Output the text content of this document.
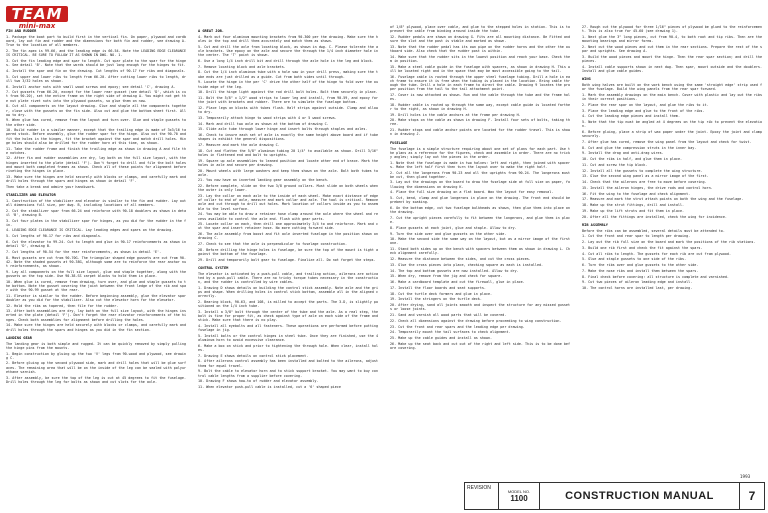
TEAM
mini-max
FIN AND RUDDER
1. Package the boat part to build first in the vertical fin. On paper, plywood and cardboard, lay out fin and rudder and the dimensions for both fin and rudder, see drawing A. True to the location of all members.
2. The fin apex is 99-66, and the leading edge is 66-54. Note the LEADING EDGE CLEARANCE IS CRITICAL. BE SURE TO FOLLOW IT AS SHOWN IN DWG. NO. 1.
3. Cut the fin leading edge and spar to length. Cut spar plate to the spar for the hinges. See detail 'B'. Note that the words should be just long enough for the hinges to fit.
4. Install the spar and fin on the drawing. Cut lengths of 90-17 for ribs and diagonals.
5. Cut upper and lower ribs to length from 66-20. After cutting lower ribs to length, drill two 3/32 holes as shown.
6. Install anchor nuts with small wood screws and epoxy; see detail 'C', drawing A.
7. Cut gussets from 66-20, except for the lower rear gusset (see detail 'D', which is cut from 90-20), set the entire frame on the right side of drawing A. You might not get the nut plate rivet nuts into the plywood gussets, so glue them on now.
8. Cut all components on the layout drawing. Glue and staple all the components together, close with the gussets on the fin side. Also cut and glue the bottom sheet first. Allow to dry.
9. When glue has cured, remove from the layout and turn over. Glue and staple gussets to the other side.
10. Build rudder in a similar manner, except that the trailing edge is made of 3x3/16 tapered stock. Before assembly, glue the rudder spar for the hinge. Also cut the 90-70 and fit the holes in the hinges, fit the bracket against the spar and match drill holes. Hinge holes should also be drilled for the rudder horn at this time, as shown.
11. Take the rudder frame and finish the trailing edge as shown in drawing A and file the notches.
12. After fin and rudder assemblies are dry, lay both on the full size layout, with the hinges inserted to the plate (detail 'F'). Don't forget to drill and file the bolt holes and mount both completed frames as shown. Check all of these points for alignment before riveting the hinges in place.
13. Make sure the hinges are held securely with blocks or clamps, and carefully mark and drill holes through the spars and hinges as shown in detail 'F'.
Then take a break and admire your handiwork.
STABILIZER AND ELEVATOR
1. Construction of the stabilizer and elevator is similar to the fin and rudder. Lay out all dimensions full size, per dwg. B, including locations of all members.
2. Cut the stabilizer spar from 66-24 and reinforce with 90-18 doublers as shown in detail 'B', drawing B.
3. Cut four plates in the stabilizer spar for hinges, as you did for the rudder in the fin.
4. LEADING EDGE CLEARANCE IS CRITICAL. Lay leading edges and spars on the drawing.
5. Cut lengths of 90-17 for ribs and diagonals.
6. Cut the elevator to 99-24. Cut to length and glue in 90-17 reinforcements as shown in detail 'D', drawing B.
7. Cut lengths of 90-54 for the rear reinforcements, as shown in detail 'E'.
8. Most gussets are cut from 90-70G. The triangular shaped edge gussets are cut from 90-42. Note the shaded gussets at 90-38G, although some are to reinforce the rear anchor nut reinforcements, as shown.
9. Lay all components on the full size layout, glue and staple together, along with the gussets on the top side. Use 90-38-SS carpet blocks to hold them in place.
10. When glue is cured, remove from drawing, turn over, and glue and staple gussets to the bottom. Note the gusset covering the joint between the front ledge of the rib and spar with the 90-99 gusset at the rear.
11. Elevator is similar to the rudder. Before beginning assembly, glue the elevator spar doubler as you did for the stabilizer. Also cut the elevator horn for the elevator.
12. Hold the ribs as tapered, then file for the rudder.
13. After both assemblies are dry, lay both on the full size layout, with the hinges inserted in the plate (detail 'F'). Don't forget the rear elevator reinforcements of the hinges. Check both assemblies for alignment before drilling the holes.
14. Make sure the hinges are held securely with blocks or clamps, and carefully mark and drill holes through the spars and hinges as you did in the fin section.
LANDING GEAR
The landing gear is both simple and rugged. It can be quickly removed by simply pulling the hinge pins from the mounts.
1. Begin construction by gluing up the two 'V' legs from 90-wood and plywood, see drawing C.
2. Before gluing up the second plywood side, mark and drill holes that will be glue surfaces. The remaining area that will be on the inside of the leg can be sealed with polyurethane varnish.
3. After assembly, be sure the top of the leg is cut at 45 degrees to fit the fuselage. Drill holes through the leg for bolts as shown and cut slots for the axle.
A GREAT JOB.
4. Mark out four aluminum mounting brackets from 90-300 per the drawing. Make sure the holes in the top and drill them accurately and match them as shown.
5. Cut and drill the axle from locating block, as shown in dwg. C. Please tolerate the axle brackets. Use epoxy on the axle and secure the through the 1/4 inch diameter hole in the center. The 'T' point is shown.
6. Use a long 1/4 inch drill bit and drill through the axle hole in the leg and block.
7. Remove locating block and axle brackets.
8. Cut the 1/4 inch aluminum tube with a hole saw in your drill press, making sure the tube ends are just drilled as a guide. Cut from both sides until through.
9. Locate the hinge in the per 'C' drive the other half of the hinge to fold over the outside edge of the leg.
10. Drill the hinge light against the rod drill bolt holes. Bolt them securely in place.
11. Bolt the 5/8" x 1/2" wood strips to lower leg and install, from 90-59, and epoxy for the joint with brackets and rubber. There are to simulate the fuselage bottom.
12. Place legs on blocks with tubes flush. Half strips against outside. Clamp and allow to dry.
13. Temporarily attach hinge to wood strips with 4 or 5 wood screws.
14. Mark and drill two axle as shown at the bottom of drawing C.
15. Slide axle tube through lower hinge and insert bolts through staples and axles.
16. Check to insure each set of axle is exactly the same height above board and if tube shapes is exhibit the general dispositions.
17. Measure and mark the axle drawing C.
18. Cut and flatten the 5/8" aluminum tubing 20 1/4" to available as shown. Drill 3/16" holes in flattened end and bolt to uprights.
19. Square up axle assemblies to leaned position and locate other end of brace. Mark the holes in axle and secure per drawing.
20. Mount wheels with large washers and keep them shown on the axle. Bolt both tubes to axle.
21. You now have an inverted landing gear assembly on the bench.
22. Before complete, slide on the two 3/8 ground collars. Must slide on both wheels when the outer is only lower.
23. Lay the collar on each axle to the inside of each wheel. Make exact distance of edge of collar to end of axle, measure and mark collar and axle. The tool is critical. Remove axle and cut through to drill out holes. Mark location of collars inside as you to assemble to the level surface.
24. You may be able to draw a retainer hose clamp around the axle where the wheel and recess available to control the axle end. Flush with gear parts.
25. Locate collar on each, then drill one approximately 3/4 to and reinforce. Mark and cut the spar and insert retainer hose. No more cutting forward side.
26. The axle assembly from boost and fit axle inverted fuselage in the position shown on drawing C.
27. Check to see that the axle is perpendicular to fuselage construction.
28. Before drilling the hinge holes in fuselage, be sure the top of the mount is tight against the bottom of the fuselage.
29. Drill and temporarily bolt gear to fuselage. Finalize all. Do not forget the steps.
CONTROL SYSTEM
The elevator is activated by a push-pull cable, and trailing action, ailerons are activated by a push-pull cable. There are no tricky torque tubes necessary in the construction, and the rudder is controlled by wire cables.
1. Drawing D shows details on building the control stick assembly. Note axle and the grips and shape. When drilling holes in control stick bottom, assemble all in the aligned correctly.
2. Bearing block, 90-63, and 108, is milled to accept the parts. The 3-D, is slightly positioned on the 1/4 inch tube.
3. Install a 3/8" bolt through the center of the tube and the axle. As a real step, the bolt is fine for proper fit, as check against type of axle on each side of the frame and stick. Make sure that there is no play.
4. Install all eyebolts and all fasteners. These operations are performed before putting fuselage in jig.
5. Install bolts or the control hinges in steel tube. Once they are finished, use the 4 aluminum horn to avoid excessive clearance.
6. Make a box on stick and prior to tightening the through hole. When clear, install holes.
7. Drawing E shows details on control stick placement.
8. After ailerons control assembly has been installed and bolted to the ailerons, adjust them for equal travel.
9. Bolt the cable to elevator horn and to stick support bracket. You may want to buy control cable lengths from a supplier before covering.
10. Drawing F shows how-to of rudder and elevator assembly.
11. When elevator push-pull cable is installed, cut a '6' shaped piece
of 1/8" plywood, place over cable, and glue to the stepped holes in station. This is to prevent the cable from binding around inside the tube.
12. Rudder pedals are shown on drawing G. Fits are all mounting distance. Be Fitted and sure the slot and the post is stable and marked as shown.
13. Note that the rudder pedal has its own pipe on the rudder horns and the other the outboard side. Also check that the rudder post is within.
14. Make sure that the rudder sits in the lowest position and reach your base. Check them in position.
15. Make a steel cable guide in the fuselage with spacers, as shown in drawing H. This will be located right and in the space that may be most accessible going to the tail.
16. Fuselage cable is routed through the upper steel fuselage tubing. Drill a hole in each frame to ensure it is free when the tubing is placed in the location. Bring cable through the tube. Drill a hole in each frame to direct the cable. Drawing 9 locates the proper position from the tail to the tail attachment point.
17. Cover is now attached as shown. Run and the cable through the tube and the frame holes.
18. Rudder cable is routed up through the same way, except cable guide is located farther to the right, as shown in drawing H.
19. Drill holes in the cable anchors at the frame per drawing H.
20. Make stops on the cable as shown in drawing F. Install four sets of bolts, taking three.
21. Rudder stops and cable anchor points are located for the rudder travel. This is shown in drawing J.
FUSELAGE
The fuselage is a simple structure requiring about one set of plans for each part. Use the plans as a reference for the figures, check and assemble in order. There are no tricky angles; simply lay out the pieces in the order.
1. Note that the fuselage is made in two halves: left and right, then joined with spacers. Make the left half first then turn the layout over to make the right half.
2. Cut all the longerons from 90-23 and all the uprights from 90-24. The longerons must be cut, then glued together.
3. Lay out the drawings on the board to draw the fuselage side at full size on paper, following the dimensions on drawing K.
4. Place the full size drawing on a flat board. Wax the layout for easy removal.
5. Cut, bend, clamp and glue longerons in place on the drawing. The front end should be prebent by soaking.
6. On the bottom edge, cut two fuselage bulkheads as shown, then glue them into place on the drawing.
7. Cut the upright pieces carefully to fit between the longerons, and glue them in place.
8. Place gussets at each joint, glue and staple. Allow to dry.
9. Turn the side over and glue gussets on the other side.
10. Make the second side the same way on the layout, but as a mirror image of the first one.
11. Stand both sides up on the bench with spacers between them as shown in drawing L. Check alignment carefully.
12. Measure the distance between the sides, and cut the cross pieces.
13. Glue the cross pieces into place, checking square as each is installed.
14. The top and bottom gussets are now installed. Allow to dry.
15. When dry, remove from the jig and check for square.
16. Make a cardboard template and cut the firewall, glue in place.
17. Install the floor boards and seat supports.
18. Cut the turtle deck formers and glue in place.
19. Install the stringers on the turtle deck.
20. After drying, sand all joints smooth and inspect the structure for any missed gussets or loose joints.
21. Sand and varnish all wood parts that will be covered.
22. Check all dimensions against the drawing before proceeding to wing construction.
23. Cut the front and rear spars and the leading edge per drawing.
24. Temporarily mount the tail surfaces to check alignment.
25. Make up the cable guides and install as shown.
26. Make up the seat back and cut out of the right and left side. This is to be done before covering.
27. Rough cut the plywood for three 1/16" pieces of plywood be glued to the reinforcement. This is also true for 45-60 (see drawing 1).
1. Next glue the 3" long pieces, cut from 90-4, to both root and tip ribs. Then are the mounting bearings and mirror forms.
2. Next cut the wood pieces and cut them in the rear sections. Prepare the rest of the spar and uprights. See drawing A.
3. Build the wood pieces and mount the hinge. Then the rear spar section; and drill the pieces.
4. Install cable supports shown in next dwg. Then spar, mount outside and the doublers. Install and glue cable guides.
WING
Both wing halves are built on the work bench using the same 'straight edge' strip used for the fuselage. Build the wing panels from the rear spar forward.
1. Mark the assembly drawings on the main bench. Cover with plastic and lay out the ribs in their correct positions.
2. Place the rear spar on the layout, and glue the ribs to it.
3. Place the leading edge and glue to the front of the ribs.
4. Cut the leading edge pieces and install them.
5. Note that the tip must be angled at 4 degrees on the tip rib to prevent the elevation.
6. Before gluing, place a strip of wax paper under the joint. Epoxy the joint and clamp securely.
7. After glue has cured, remove the wing panel from the layout and check for twist.
8. Cut and glue the compression struts in the inner bay.
9. Install the drag and anti-drag wires.
10. Cut the ribs in half, and glue them in place.
11. Cut and screw the tip block.
12. Install all the gussets to complete the wing structure.
13. Glue the second wing panel as a mirror image of the first.
14. Check that the ailerons are free to move before covering.
15. Install the aileron hinges, the drive rods and control horn.
16. Fit the wing to the fuselage and check alignment.
17. Measure and mark the strut attach points on both the wing and the fuselage.
18. Make up the strut fittings, drill and install.
19. Make up the lift struts and fit them in place.
20. After all the fittings are installed, check the wing for incidence.
RIB ASSEMBLY
Before the ribs can be assembled, several details must be attended to.
1. Cut the front and rear spar to length per drawing.
2. Lay out the rib full size on the board and mark the positions of the rib stations.
3. Build one rib first and check the fit against the spars.
4. Cut all ribs to length. The gussets for each rib are cut from plywood.
5. Glue and staple gussets to one side of the ribs.
6. Turn the ribs over and glue gussets to the other side.
7. Make the nose ribs and install them between the spars.
8. Final check before covering: all structure is complete and varnished.
9. Cut two pieces of aileron leading edge and install.
10. The control horns are installed last, per drawing.
1993
REVISION
MODEL NO.
1100	CONSTRUCTION MANUAL	7
